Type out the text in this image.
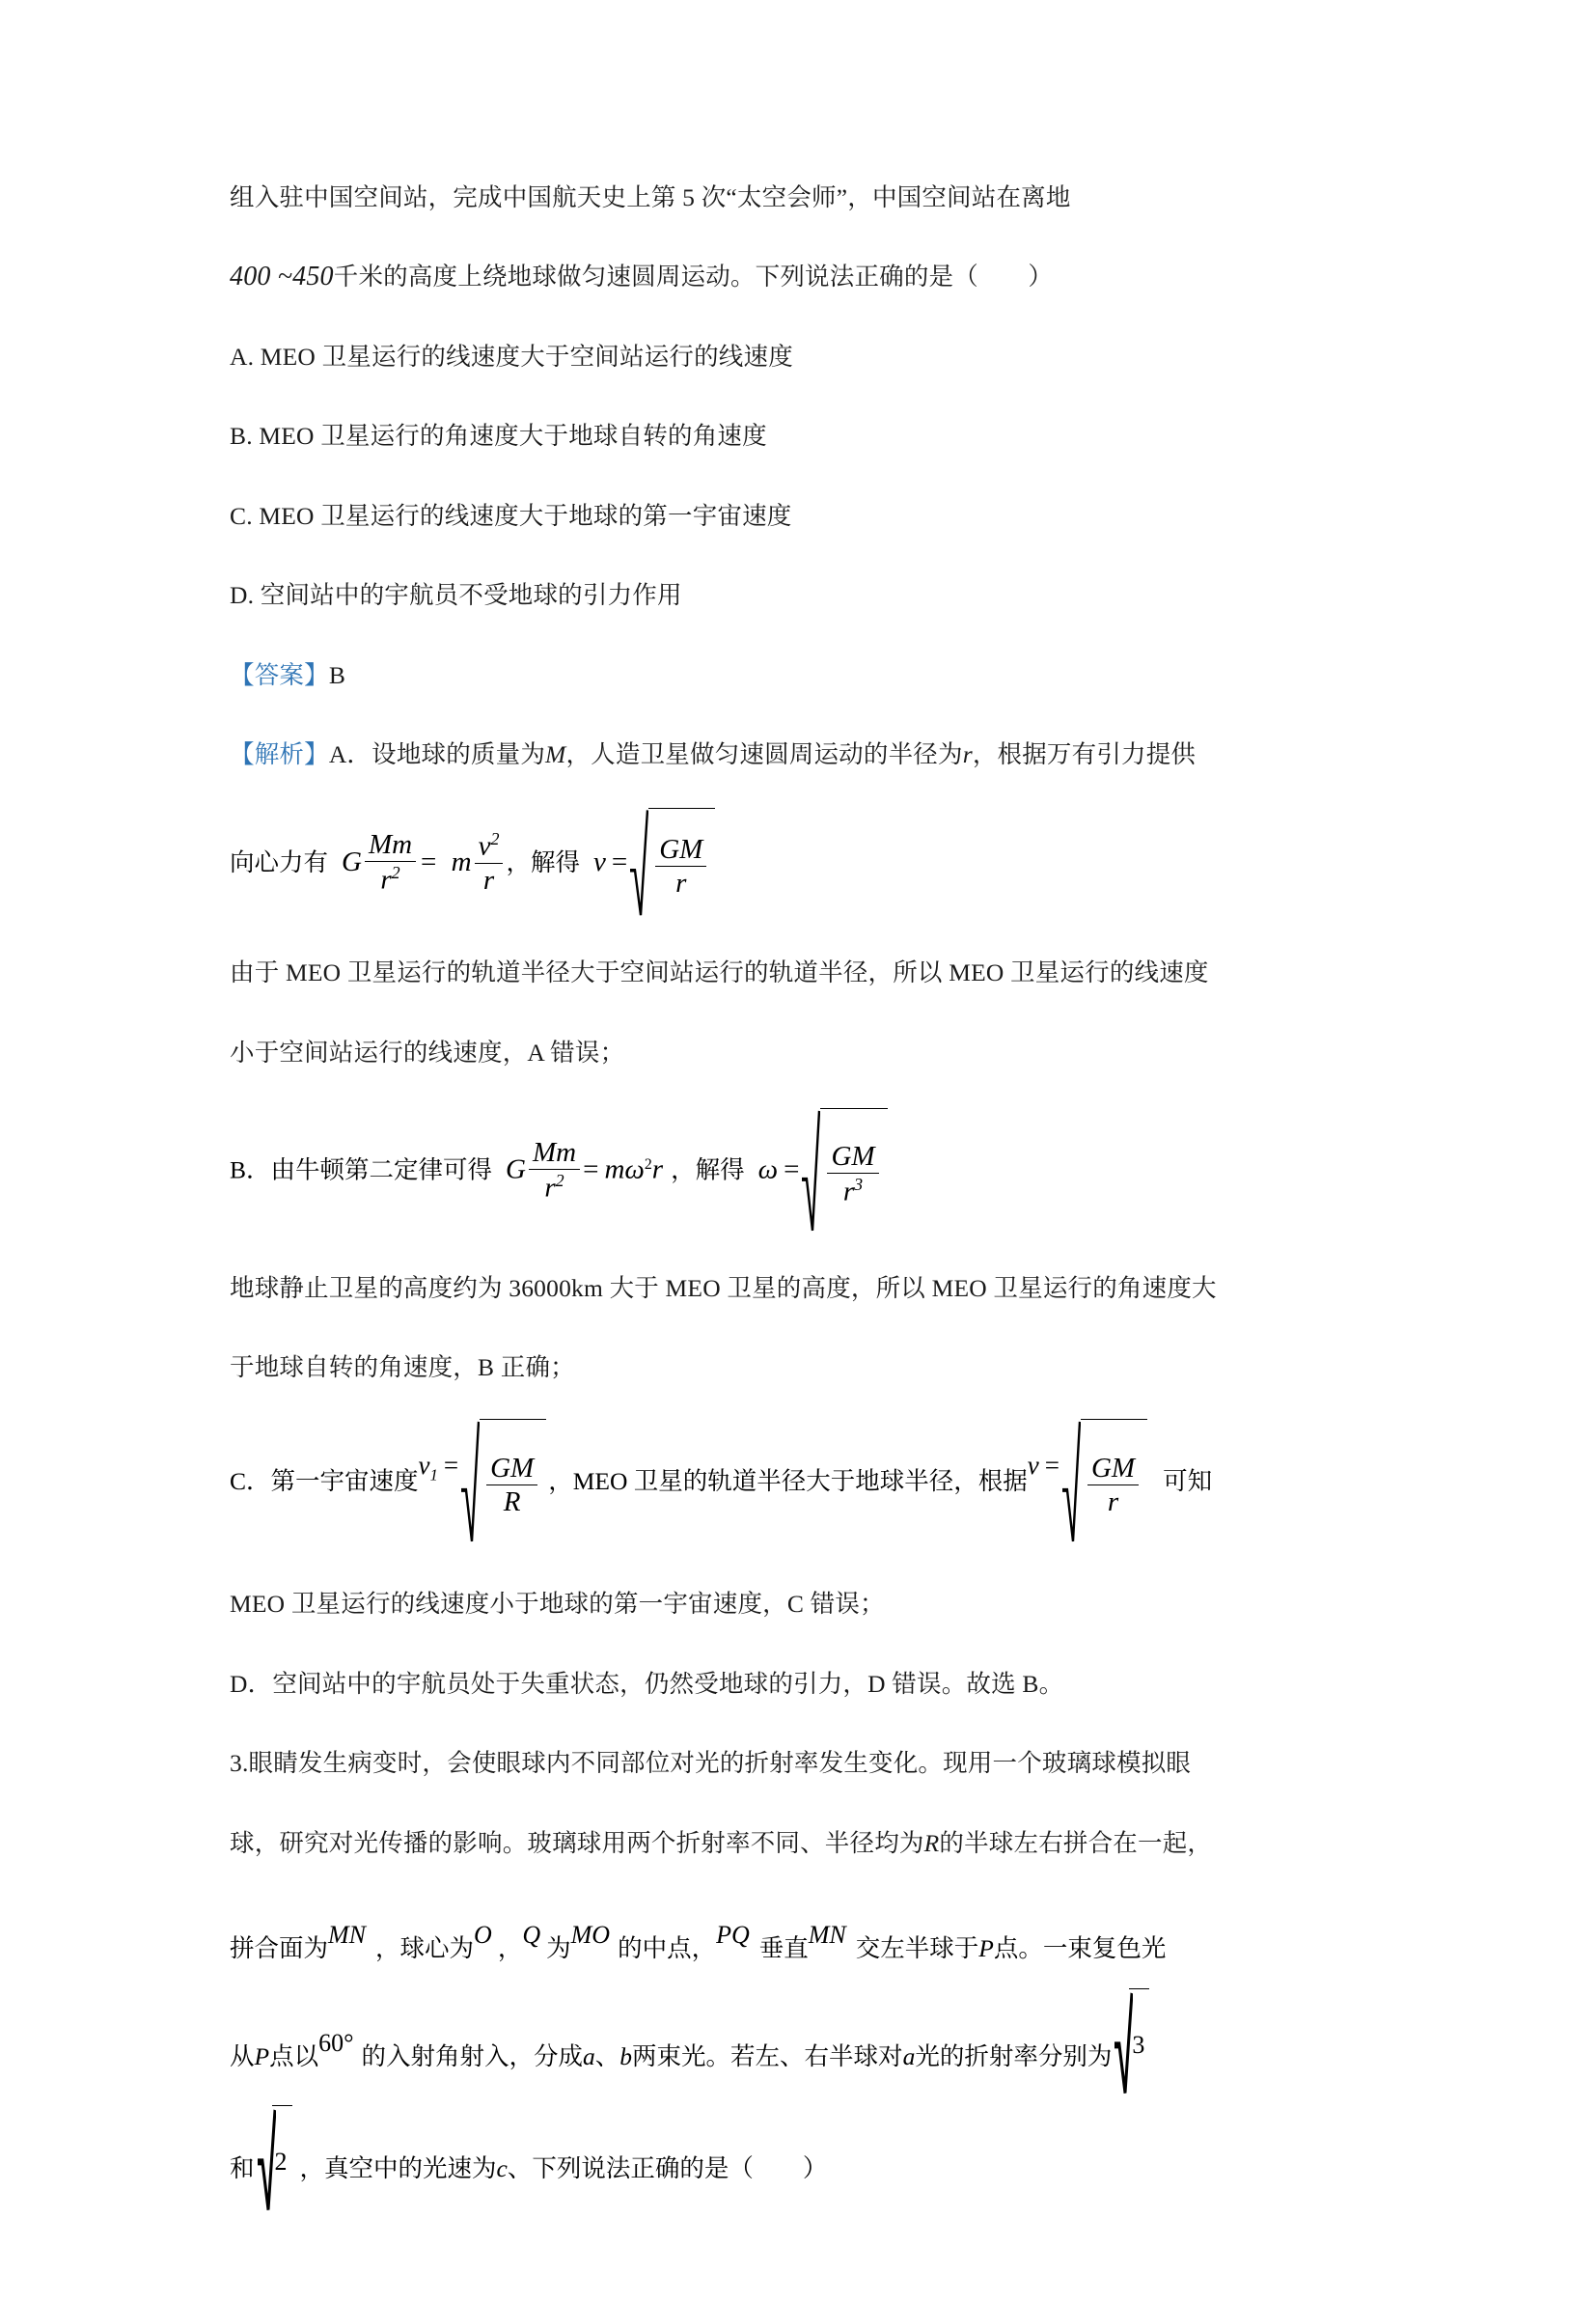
组入驻中国空间站，完成中国航天史上第 5 次“太空会师”，中国空间站在离地

400 ~450千米的高度上绕地球做匀速圆周运动。下列说法正确的是（　　）

A. MEO 卫星运行的线速度大于空间站运行的线速度

B. MEO 卫星运行的角速度大于地球自转的角速度

C. MEO 卫星运行的线速度大于地球的第一宇宙速度

D. 空间站中的宇航员不受地球的引力作用

【答案】B

【解析】A．设地球的质量为M，人造卫星做匀速圆周运动的半径为r，根据万有引力提供

向心力有 G $\frac{Mm}{r^2} = m \frac{v^2}{r}$ ，解得 $v = \frac{GM}{r}$

由于 MEO 卫星运行的轨道半径大于空间站运行的轨道半径，所以 MEO 卫星运行的线速度

小于空间站运行的线速度，A 错误；

B．由牛顿第二定律可得 G $\frac{Mm}{r^2} = m\omega^2r$ ，解得 $\omega = \frac{GM}{r^3}$

地球静止卫星的高度约为 36000km 大于 MEO 卫星的高度，所以 MEO 卫星运行的角速度大

于地球自转的角速度，B 正确；

C．第一宇宙速度$v_1 = \frac{GM}{R}$ ，MEO 卫星的轨道半径大于地球半径，根据$v = \frac{GM}{r}$ 可知

MEO 卫星运行的线速度小于地球的第一宇宙速度，C 错误；

D．空间站中的宇航员处于失重状态，仍然受地球的引力，D 错误。故选 B。

3.眼睛发生病变时，会使眼球内不同部位对光的折射率发生变化。现用一个玻璃球模拟眼

球，研究对光传播的影响。玻璃球用两个折射率不同、半径均为R的半球左右拼合在一起，

拼合面为MN ，球心为O ，Q 为MO 的中点，PQ 垂直MN 交左半球于P点。一束复色光
从P点以60° 的入射角射入，分成a、b两束光。若左、右半球对a光的折射率分别为 3
和 2 ，真空中的光速为c、下列说法正确的是（　　）
